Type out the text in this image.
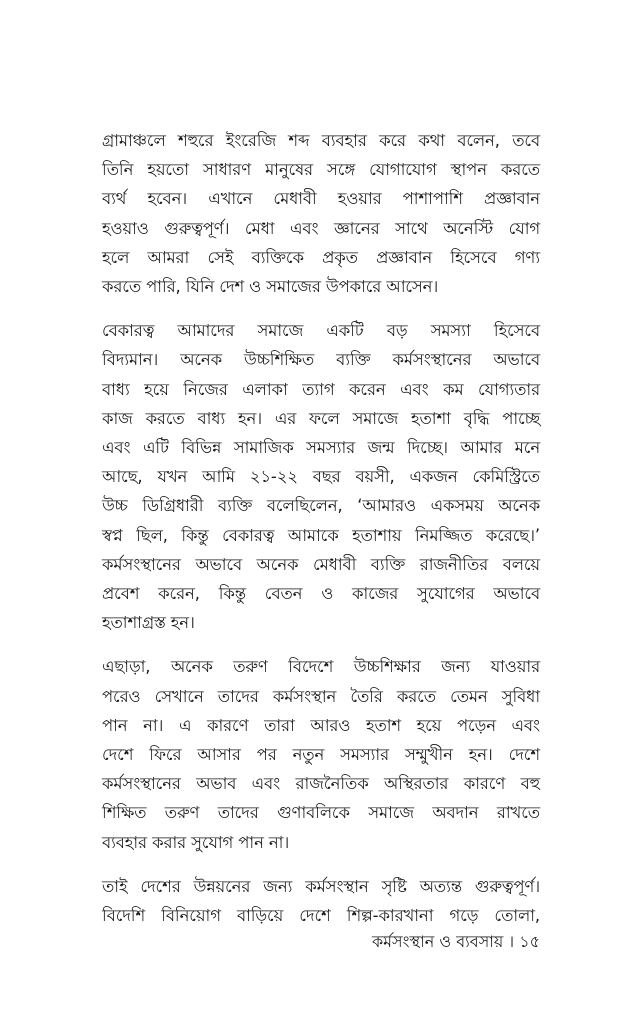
গ্রামাঞ্চলে শহুরে ইংরেজি শব্দ ব্যবহার করে কথা বলেন, তবে
তিনি হয়তো সাধারণ মানুষের সঙ্গে যোগাযোগ স্থাপন করতে
ব্যর্থ হবেন। এখানে মেধাবী হওয়ার পাশাপাশি প্রজ্ঞাবান
হওয়াও গুরুত্বপূর্ণ। মেধা এবং জ্ঞানের সাথে অনেস্টি যোগ
হলে আমরা সেই ব্যক্তিকে প্রকৃত প্রজ্ঞাবান হিসেবে গণ্য
করতে পারি, যিনি দেশ ও সমাজের উপকারে আসেন।

বেকারত্ব আমাদের সমাজে একটি বড় সমস্যা হিসেবে
বিদ্যমান। অনেক উচ্চশিক্ষিত ব্যক্তি কর্মসংস্থানের অভাবে
বাধ্য হয়ে নিজের এলাকা ত্যাগ করেন এবং কম যোগ্যতার
কাজ করতে বাধ্য হন। এর ফলে সমাজে হতাশা বৃদ্ধি পাচ্ছে
এবং এটি বিভিন্ন সামাজিক সমস্যার জন্ম দিচ্ছে। আমার মনে
আছে, যখন আমি ২১-২২ বছর বয়সী, একজন কেমিস্ট্রিতে
উচ্চ ডিগ্রিধারী ব্যক্তি বলেছিলেন, ‘আমারও একসময় অনেক
স্বপ্ন ছিল, কিন্তু বেকারত্ব আমাকে হতাশায় নিমজ্জিত করেছে।’
কর্মসংস্থানের অভাবে অনেক মেধাবী ব্যক্তি রাজনীতির বলয়ে
প্রবেশ করেন, কিন্তু বেতন ও কাজের সুযোগের অভাবে
হতাশাগ্রস্ত হন।

এছাড়া, অনেক তরুণ বিদেশে উচ্চশিক্ষার জন্য যাওয়ার
পরেও সেখানে তাদের কর্মসংস্থান তৈরি করতে তেমন সুবিধা
পান না। এ কারণে তারা আরও হতাশ হয়ে পড়েন এবং
দেশে ফিরে আসার পর নতুন সমস্যার সম্মুখীন হন। দেশে
কর্মসংস্থানের অভাব এবং রাজনৈতিক অস্থিরতার কারণে বহু
শিক্ষিত তরুণ তাদের গুণাবলিকে সমাজে অবদান রাখতে
ব্যবহার করার সুযোগ পান না।

তাই দেশের উন্নয়নের জন্য কর্মসংস্থান সৃষ্টি অত্যন্ত গুরুত্বপূর্ণ।
বিদেশি বিনিয়োগ বাড়িয়ে দেশে শিল্প-কারখানা গড়ে তোলা,

কর্মসংস্থান ও ব্যবসায় । ১৫
